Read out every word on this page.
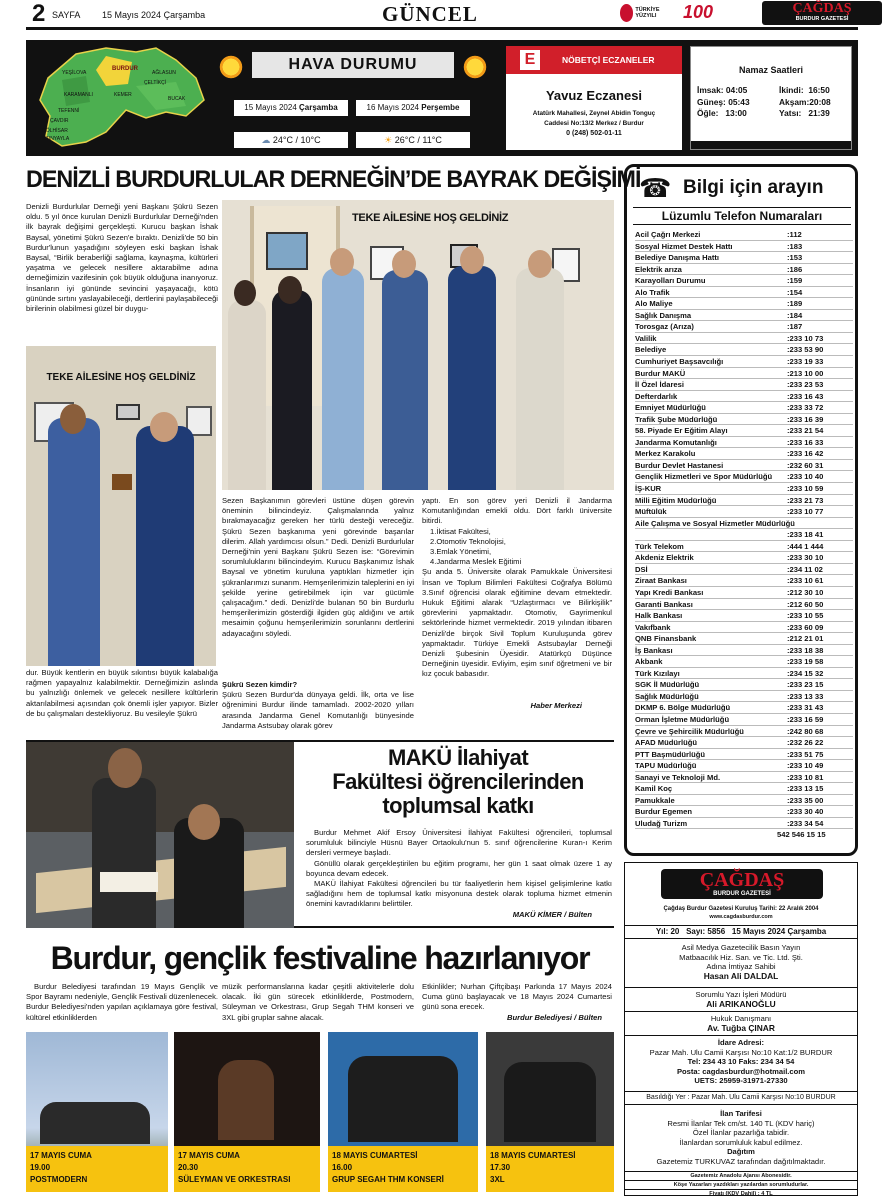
2 SAYFA 15 Mayıs 2024 Çarşamba	GÜNCEL	TÜRKİYE YÜZYILI	100	ÇAĞDAŞ
BURDUR GAZETESİ
BURDUR
YEŞİLOVA
KARAMANLI	KEMER
ÇELTİKÇİ
AĞLASUN
BUCAK
TEFENNİ
ÇAVDIR
GÖLHİSAR
ALTINYAYLA
HAVA DURUMU
15 Mayıs 2024 Çarşamba	16 Mayıs 2024 Perşembe
☁ 24°C / 10°C	☀ 26°C / 11°C
E	NÖBETÇİ ECZANELER
Yavuz Eczanesi
Atatürk Mahallesi, Zeynel Abidin Tonguç
Caddesi No:13/2 Merkez / Burdur
0 (248) 502-01-11
Namaz Saatleri
İmsak: 04:05
Güneş: 05:43
Öğle: 13:00
İkindi: 16:50
Akşam:20:08
Yatsı: 21:39
DENİZLİ BURDURLULAR DERNEĞİN’DE BAYRAK DEĞİŞİMİ

Denizli Burdurlular Derneği yeni Başkanı Şükrü Sezen oldu. 5 yıl önce kurulan Denizli Burdurlular Derneği'nden ilk bayrak değişimi gerçekleşti. Kurucu başkan İshak Baysal, yönetimi Şükrü Sezen'e bıraktı. Denizli'de 50 bin Burdur'lunun yaşadığını söyleyen eski başkan İshak Baysal, “Birlik beraberliği sağlama, kaynaşma, kültürleri yaşatma ve gelecek nesillere aktarabilme adına derneğimizin vazifesinin çok büyük olduğuna inanıyoruz. İnsanların iyi gününde sevincini yaşayacağı, kötü gününde sırtını yaslayabileceği, dertlerini paylaşabileceği birilerinin olabilmesi güzel bir duygu-

TEKE AİLESİNE HOŞ GELDİNİZ
TEKE AİLESİNE HOŞ GELDİNİZ

dur. Büyük kentlerin en büyük sıkıntısı büyük kalabalığa rağmen yapayalnız kalabilmektir. Derneğimizin aslında bu yalnızlığı önlemek ve gelecek nesillere kültürlerin aktarılabilmesi açısından çok önemli işler yapıyor. Bizler de bu çalışmaları destekliyoruz. Bu vesileyle Şükrü

Sezen Başkanımın görevleri üstüne düşen görevin öneminin bilincindeyiz. Çalışmalarında yalnız bırakmayacağız gereken her türlü desteği vereceğiz. Şükrü Sezen başkanıma yeni görevinde başarılar dilerim. Allah yardımcısı olsun.” Dedi. Denizli Burdurlular Derneği'nin yeni Başkanı Şükrü Sezen ise: “Görevimin sorumluluklarını bilincindeyim. Kurucu Başkanımız İshak Baysal ve yönetim kuruluna yaptıkları hizmetler için şükranlarımızı sunarım. Hemşerilerimizin taleplerini en iyi şekilde yerine getirebilmek için var gücümle çalışacağım.” dedi. Denizli'de bulanan 50 bin Burdurlu hemşerilerimizin gösterdiği ilgiden güç aldığını ve artık mesaimin çoğunu hemşerilerimizin sorunlarını dertlerini adayacağını söyledi.

Şükrü Sezen kimdir?

Şükrü Sezen Burdur'da dünyaya geldi. İlk, orta ve lise öğrenimini Burdur ilinde tamamladı. 2002-2020 yılları arasında Jandarma Genel Komutanlığı bünyesinde Jandarma Astsubay olarak görev

yaptı. En son görev yeri Denizli il Jandarma Komutanlığından emekli oldu. Dört farklı üniversite bitirdi.

1.İktisat Fakültesi,

2.Otomotiv Teknolojisi,

3.Emlak Yönetimi,

4.Jandarma Meslek Eğitimi

Şu anda 5. Üniversite olarak Pamukkale Üniversitesi İnsan ve Toplum Bilimleri Fakültesi Coğrafya Bölümü 3.Sınıf öğrencisi olarak eğitimine devam etmektedir. Hukuk Eğitimi alarak “Uzlaştırmacı ve Bilirkişilik” görevlerini yapmaktadır. Otomotiv, Gayrimenkul sektörlerinde hizmet vermektedir. 2019 yılından itibaren Denizli'de birçok Sivil Toplum Kuruluşunda görev yapmaktadır. Türkiye Emekli Astsubaylar Derneği Denizli Şubesinin Üyesidir. Atatürkçü Düşünce Derneğinin üyesidir. Evliyim, eşim sınıf öğretmeni ve bir kız çocuk babasıdır.

Haber Merkezi

MAKÜ İlahiyat
Fakültesi öğrencilerinden
toplumsal katkı

Burdur Mehmet Akif Ersoy Üniversitesi İlahiyat Fakültesi öğrencileri, toplumsal sorumluluk bilinciyle Hüsnü Bayer Ortaokulu'nun 5. sınıf öğrencilerine Kuran-ı Kerim dersleri vermeye başladı.

Gönüllü olarak gerçekleştirilen bu eğitim programı, her gün 1 saat olmak üzere 1 ay boyunca devam edecek.

MAKÜ İlahiyat Fakültesi öğrencileri bu tür faaliyetlerin hem kişisel gelişimlerine katkı sağladığını hem de toplumsal katkı misyonuna destek olarak topluma hizmet etmenin önemini kavradıklarını belirttiler.

MAKÜ KİMER / Bülten

Burdur, gençlik festivaline hazırlanıyor

Burdur Belediyesi tarafından 19 Mayıs Gençlik ve Spor Bayramı nedeniyle, Gençlik Festivali düzenlenecek. Burdur Belediyesi'nden yapılan açıklamaya göre festival, kültürel etkinliklerden

müzik performanslarına kadar çeşitli aktivitelerle dolu olacak. İki gün sürecek etkinliklerde, Postmodern, Süleyman ve Orkestrası, Grup Segah THM konseri ve 3XL gibi gruplar sahne alacak.

Etkinlikler; Nurhan Çiftçibaşı Parkında 17 Mayıs 2024 Cuma günü başlayacak ve 18 Mayıs 2024 Cumartesi günü sona erecek.

Burdur Belediyesi / Bülten

17 MAYIS CUMA
19.00
POSTMODERN
17 MAYIS CUMA
20.30
SÜLEYMAN VE ORKESTRASI
18 MAYIS CUMARTESİ
16.00
GRUP SEGAH THM KONSERİ
18 MAYIS CUMARTESİ
17.30
3XL
☎ Bilgi için arayın
Lüzumlu Telefon Numaraları
Acil Çağrı Merkezi	:112
Sosyal Hizmet Destek Hattı	:183
Belediye Danışma Hattı	:153
Elektrik arıza	:186
Karayolları Durumu	:159
Alo Trafik	:154
Alo Maliye	:189
Sağlık Danışma	:184
Torosgaz (Arıza)	:187
Valilik	:233 10 73
Belediye	:233 53 90
Cumhuriyet Başsavcılığı	:233 19 33
Burdur MAKÜ	:213 10 00
İl Özel İdaresi	:233 23 53
Defterdarlık	:233 16 43
Emniyet Müdürlüğü	:233 33 72
Trafik Şube Müdürlüğü	:233 16 39
58. Piyade Er Eğitim Alayı	:233 21 54
Jandarma Komutanlığı	:233 16 33
Merkez Karakolu	:233 16 42
Burdur Devlet Hastanesi	:232 60 31
Gençlik Hizmetleri ve Spor Müdürlüğü :233 10 40
İŞ-KUR	:233 10 59
Milli Eğitim Müdürlüğü	:233 21 73
Müftülük	:233 10 77
Aile Çalışma ve Sosyal Hizmetler Müdürlüğü
:233 18 41
Türk Telekom	:444 1 444
Akdeniz Elektrik	:233 30 10
DSİ	:234 11 02
Ziraat Bankası	:233 10 61
Yapı Kredi Bankası	:212 30 10
Garanti Bankası	:212 60 50
Halk Bankası	:233 10 55
Vakıfbank	:233 60 09
QNB Finansbank	:212 21 01
İş Bankası	:233 18 38
Akbank	:233 19 58
Türk Kızılayı	:234 15 32
SGK İl Müdürlüğü	:233 23 15
Sağlık Müdürlüğü	:233 13 33
DKMP 6. Bölge Müdürlüğü	:233 31 43
Orman İşletme Müdürlüğü	:233 16 59
Çevre ve Şehircilik Müdürlüğü	:242 80 68
AFAD Müdürlüğü	:232 26 22
PTT Başmüdürlüğü	:233 51 75
TAPU Müdürlüğü	:233 10 49
Sanayi ve Teknoloji Md.	:233 10 81
Kamil Koç	:233 13 15
Pamukkale	:233 35 00
Burdur Egemen	:233 30 40
Uludağ Turizm	:233 34 54
542 546 15 15
ÇAĞDAŞ
BURDUR GAZETESİ
Çağdaş Burdur Gazetesi Kuruluş Tarihi: 22 Aralık 2004
www.cagdasburdur.com
Yıl: 20 Sayı: 5856 15 Mayıs 2024 Çarşamba
Asil Medya Gazetecilik Basın Yayın
Matbaacılık Hiz. San. ve Tic. Ltd. Şti.
Adına İmtiyaz Sahibi
Hasan Ali DALDAL
Sorumlu Yazı İşleri Müdürü
Ali ARIKANOĞLU
Hukuk Danışmanı
Av. Tuğba ÇINAR
İdare Adresi:
Pazar Mah. Ulu Camii Karşısı No:10 Kat:1/2 BURDUR
Tel: 234 43 10 Faks: 234 34 54
Posta: cagdasburdur@hotmail.com
UETS: 25959-31971-27330
Basıldığı Yer : Pazar Mah. Ulu Camii Karşısı No:10 BURDUR
İlan Tarifesi
Resmi İlanlar Tek cm/st. 140 TL (KDV hariç)
Özel İlanlar pazarlığa tabidir.
İlanlardan sorumluluk kabul edilmez.
Dağıtım
Gazetemiz TURKUVAZ tarafından dağıtılmaktadır.
Gazetemiz Anadolu Ajansı Abonesidir.
Köşe Yazarları yazdıkları yazılardan sorumludurlar.
Fiyatı (KDV Dahil) : 4 TL
